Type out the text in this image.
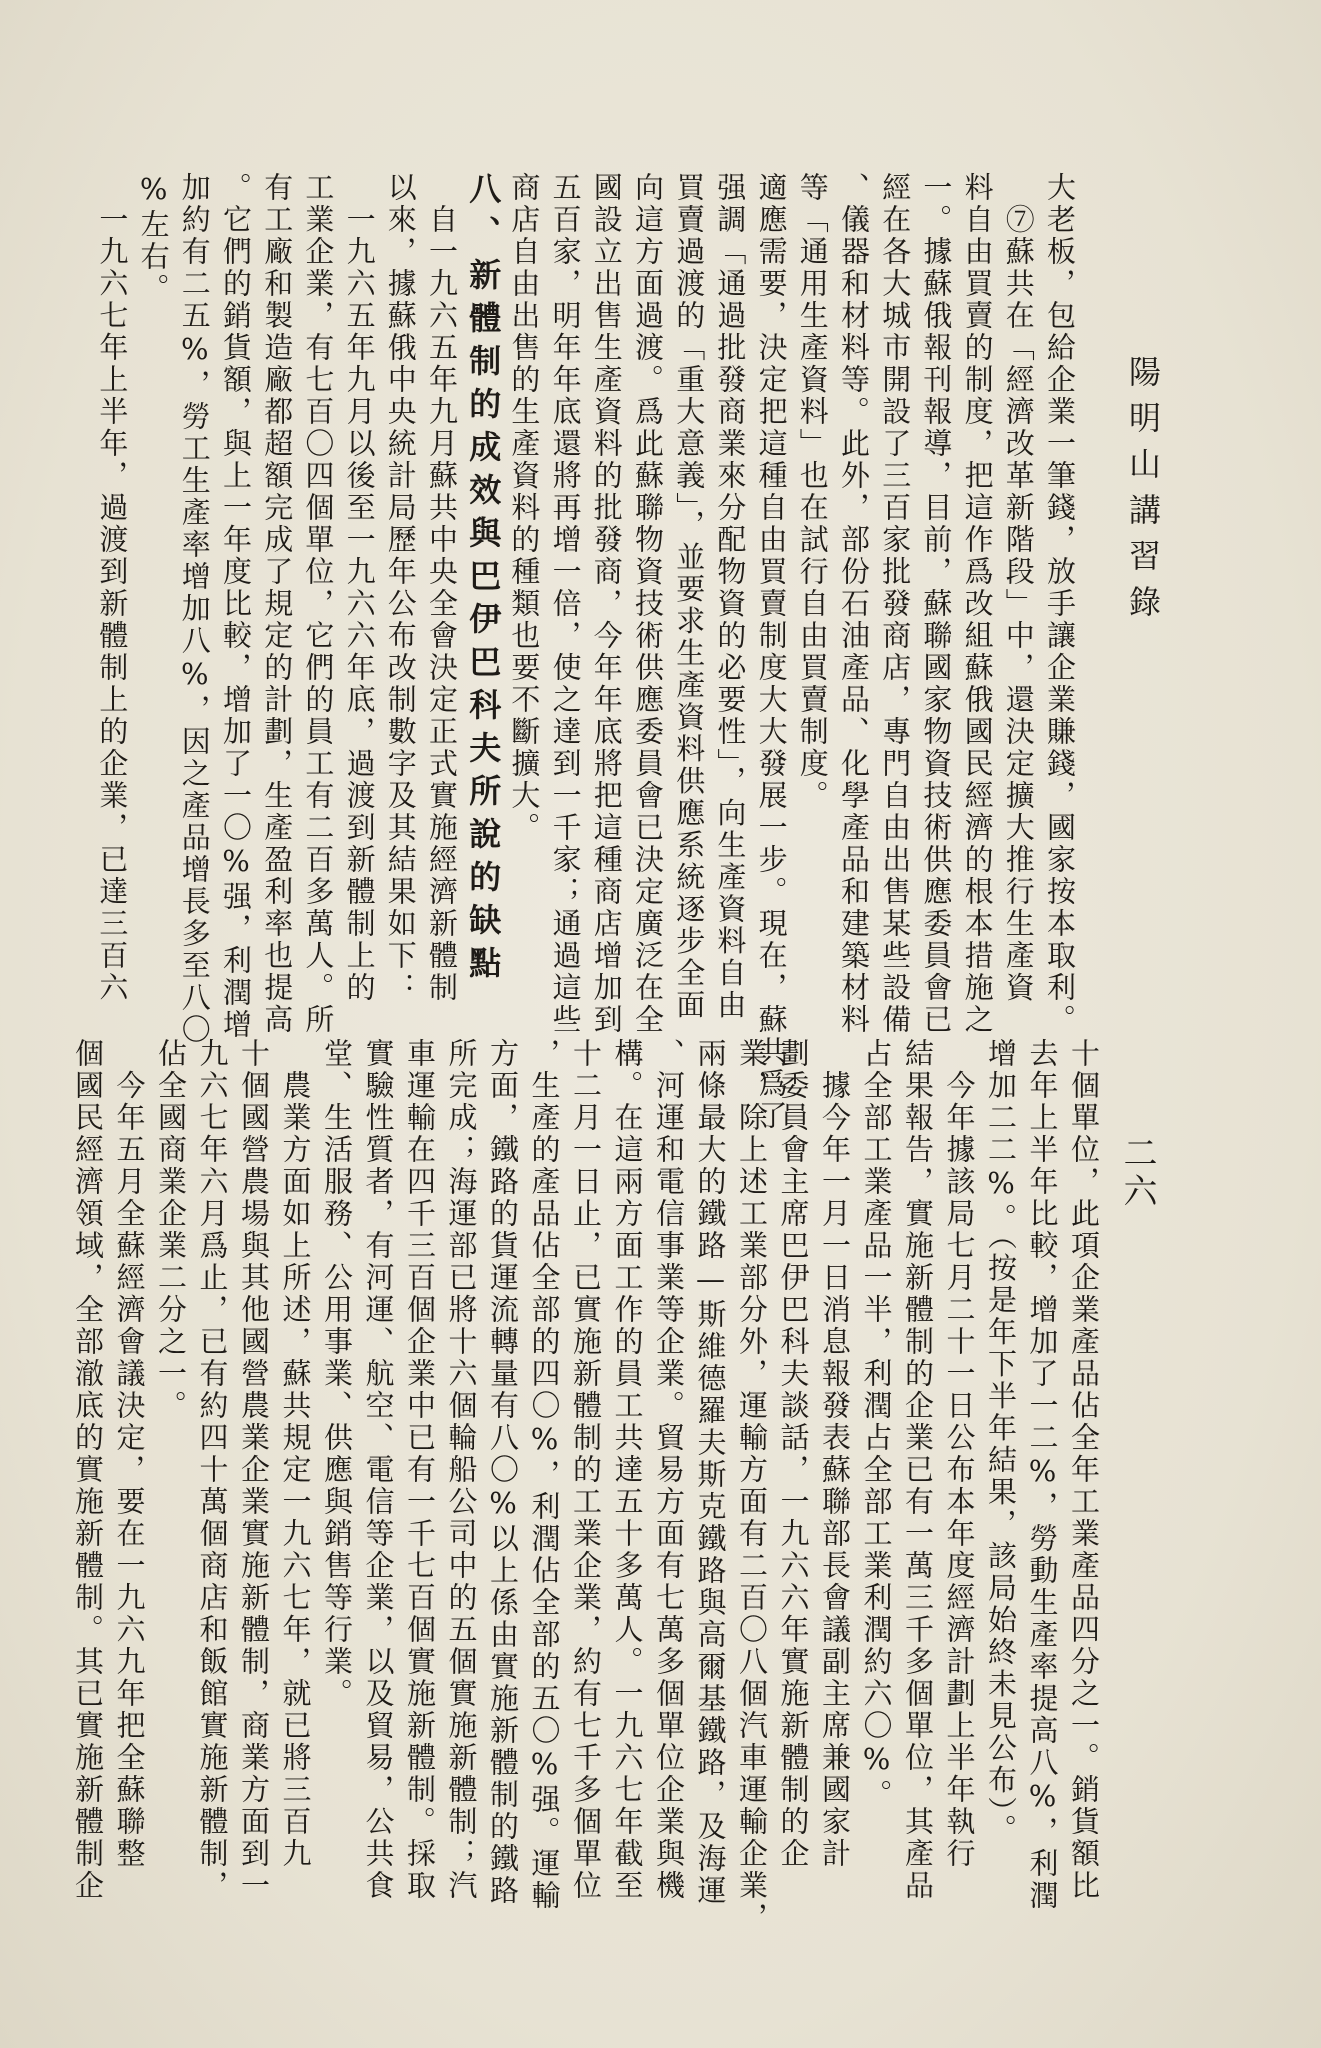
陽明山講習錄
二六
大老板，包給企業一筆錢，放手讓企業賺錢，國家按本取利。
　⑦蘇共在「經濟改革新階段」中，還決定擴大推行生產資
料自由買賣的制度，把這作爲改組蘇俄國民經濟的根本措施之
一。據蘇俄報刊報導，目前，蘇聯國家物資技術供應委員會已
經在各大城市開設了三百家批發商店，專門自由出售某些設備
、儀器和材料等。此外，部份石油產品、化學產品和建築材料
等「通用生產資料」也在試行自由買賣制度。
適應需要，決定把這種自由買賣制度大大發展一步。現在，蘇共爲了
强調「通過批發商業來分配物資的必要性」，向生產資料自由
買賣過渡的「重大意義」，並要求生產資料供應系統逐步全面
向這方面過渡。爲此蘇聯物資技術供應委員會已決定廣泛在全
國設立出售生產資料的批發商，今年年底將把這種商店增加到
五百家，明年年底還將再增一倍，使之達到一千家；通過這些
商店自由出售的生產資料的種類也要不斷擴大。
八、新體制的成效與巴伊巴科夫所說的缺點
　自一九六五年九月蘇共中央全會決定正式實施經濟新體制
以來，據蘇俄中央統計局歷年公布改制數字及其結果如下：
　一九六五年九月以後至一九六六年底，過渡到新體制上的
工業企業，有七百〇四個單位，它們的員工有二百多萬人。所
有工廠和製造廠都超額完成了規定的計劃，生產盈利率也提高
。它們的銷貨額，與上一年度比較，增加了一〇%强，利潤增
加約有二五%，勞工生產率增加八%，因之產品增長多至八〇
%左右。
　一九六七年上半年，過渡到新體制上的企業，已達三百六
十個單位，此項企業產品佔全年工業產品四分之一。銷貨額比
去年上半年比較，增加了一二%，勞動生產率提高八%，利潤
增加二二%。（按是年下半年結果，該局始終未見公布）。
　今年據該局七月二十一日公布本年度經濟計劃上半年執行
結果報告，實施新體制的企業已有一萬三千多個單位，其產品
占全部工業產品一半，利潤占全部工業利潤約六〇%。
　據今年一月一日消息報發表蘇聯部長會議副主席兼國家計
劃委員會主席巴伊巴科夫談話，一九六六年實施新體制的企
業，除上述工業部分外，運輸方面有二百〇八個汽車運輸企業，
兩條最大的鐵路—斯維德羅夫斯克鐵路與高爾基鐵路，及海運
、河運和電信事業等企業。貿易方面有七萬多個單位企業與機
構。在這兩方面工作的員工共達五十多萬人。一九六七年截至
十二月一日止，已實施新體制的工業企業，約有七千多個單位
，生產的產品佔全部的四〇%，利潤佔全部的五〇%强。運輸
方面，鐵路的貨運流轉量有八〇%以上係由實施新體制的鐵路
所完成；海運部已將十六個輪船公司中的五個實施新體制；汽
車運輸在四千三百個企業中已有一千七百個實施新體制。採取
實驗性質者，有河運、航空、電信等企業，以及貿易，公共食
堂、生活服務、公用事業、供應與銷售等行業。
　農業方面如上所述，蘇共規定一九六七年，就已將三百九
十個國營農場與其他國營農業企業實施新體制，商業方面到一
九六七年六月爲止，已有約四十萬個商店和飯館實施新體制，
佔全國商業企業二分之一。
　今年五月全蘇經濟會議決定，要在一九六九年把全蘇聯整
個國民經濟領域，全部澈底的實施新體制。其已實施新體制企
